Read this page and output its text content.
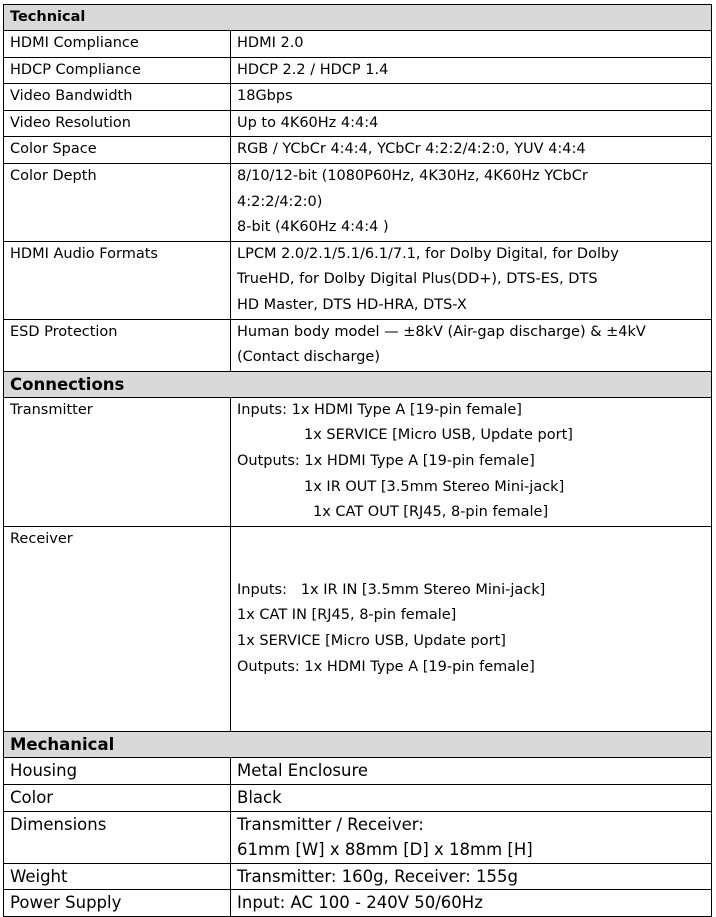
Technical	
HDMI Compliance	HDMI 2.0

HDCP Compliance	HDCP 2.2 / HDCP 1.4

Video Bandwidth	18Gbps

Video Resolution	Up to 4K60Hz 4:4:4

Color Space	RGB / YCbCr 4:4:4, YCbCr 4:2:2/4:2:0, YUV 4:4:4

Color Depth	8/10/12-bit (1080P60Hz, 4K30Hz, 4K60Hz YCbCr
4:2:2/4:2:0)
8-bit (4K60Hz 4:4:4 )

HDMI Audio Formats	LPCM 2.0/2.1/5.1/6.1/7.1, for Dolby Digital, for Dolby
TrueHD, for Dolby Digital Plus(DD+), DTS-ES, DTS
HD Master, DTS HD-HRA, DTS-X

ESD Protection	Human body model — ±8kV (Air-gap discharge) & ±4kV
(Contact discharge)

Connections	
Transmitter	Inputs: 1x HDMI Type A [19-pin female]
1x SERVICE [Micro USB, Update port]
Outputs: 1x HDMI Type A [19-pin female]
1x IR OUT [3.5mm Stereo Mini-jack]
1x CAT OUT [RJ45, 8-pin female]

Receiver	Inputs:   1x IR IN [3.5mm Stereo Mini-jack]
1x CAT IN [RJ45, 8-pin female]
1x SERVICE [Micro USB, Update port]
Outputs: 1x HDMI Type A [19-pin female]

Mechanical	
Housing	Metal Enclosure

Color	Black

Dimensions	Transmitter / Receiver:
61mm [W] x 88mm [D] x 18mm [H]

Weight	Transmitter: 160g, Receiver: 155g

Power Supply	Input: AC 100 - 240V 50/60Hz
